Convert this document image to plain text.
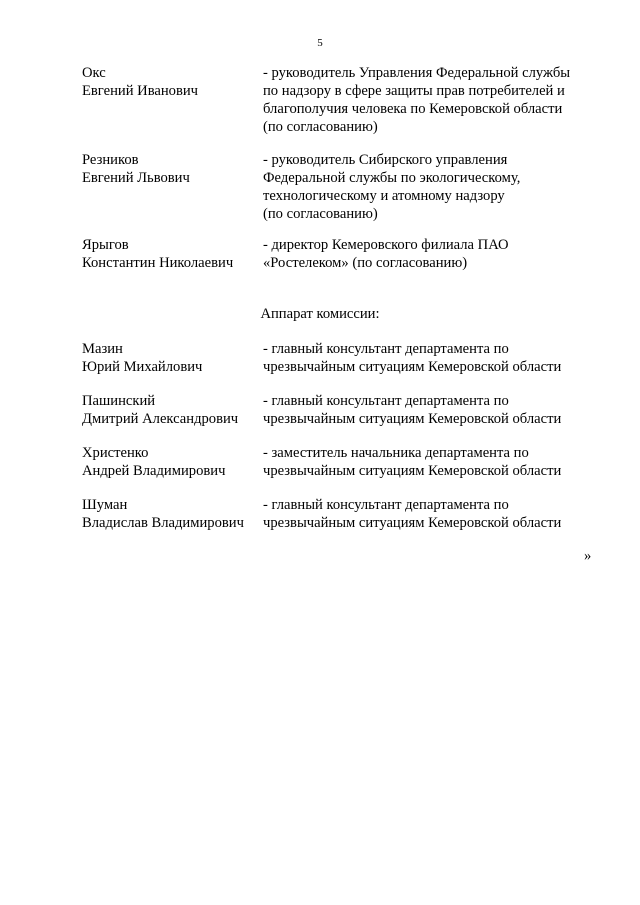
5
Окс
Евгений Иванович
- руководитель Управления Федеральной службы
по надзору в сфере защиты прав потребителей и
благополучия человека по Кемеровской области
(по согласованию)
Резников
Евгений Львович
- руководитель Сибирского управления
Федеральной службы по экологическому,
технологическому и атомному надзору
(по согласованию)
Ярыгов
Константин Николаевич
- директор Кемеровского филиала ПАО
«Ростелеком» (по согласованию)
Аппарат комиссии:
Мазин
Юрий Михайлович
- главный консультант департамента по
чрезвычайным ситуациям Кемеровской области
Пашинский
Дмитрий Александрович
- главный консультант департамента по
чрезвычайным ситуациям Кемеровской области
Христенко
Андрей Владимирович
- заместитель начальника департамента по
чрезвычайным ситуациям Кемеровской области
Шуман
Владислав Владимирович
- главный консультант департамента по
чрезвычайным ситуациям Кемеровской области
»
